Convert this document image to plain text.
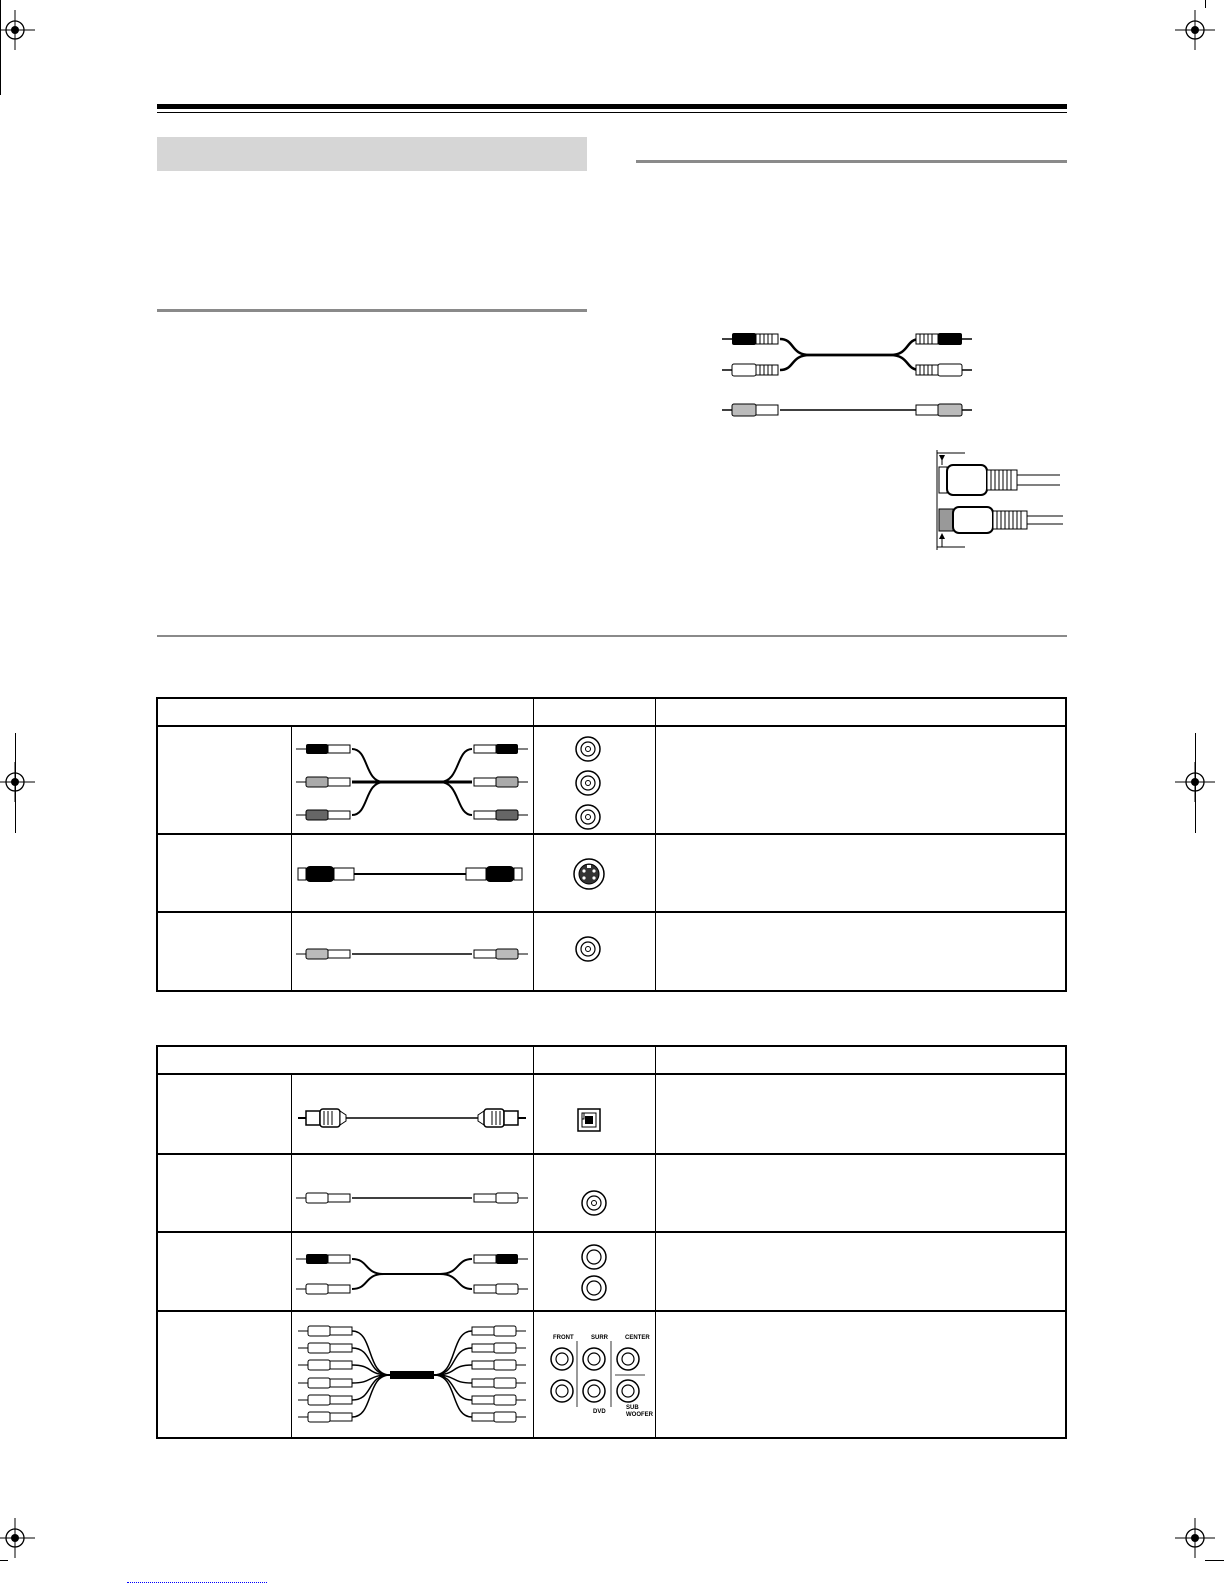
FRONT	SURR	CENTER
DVD
SUB WOOFER
